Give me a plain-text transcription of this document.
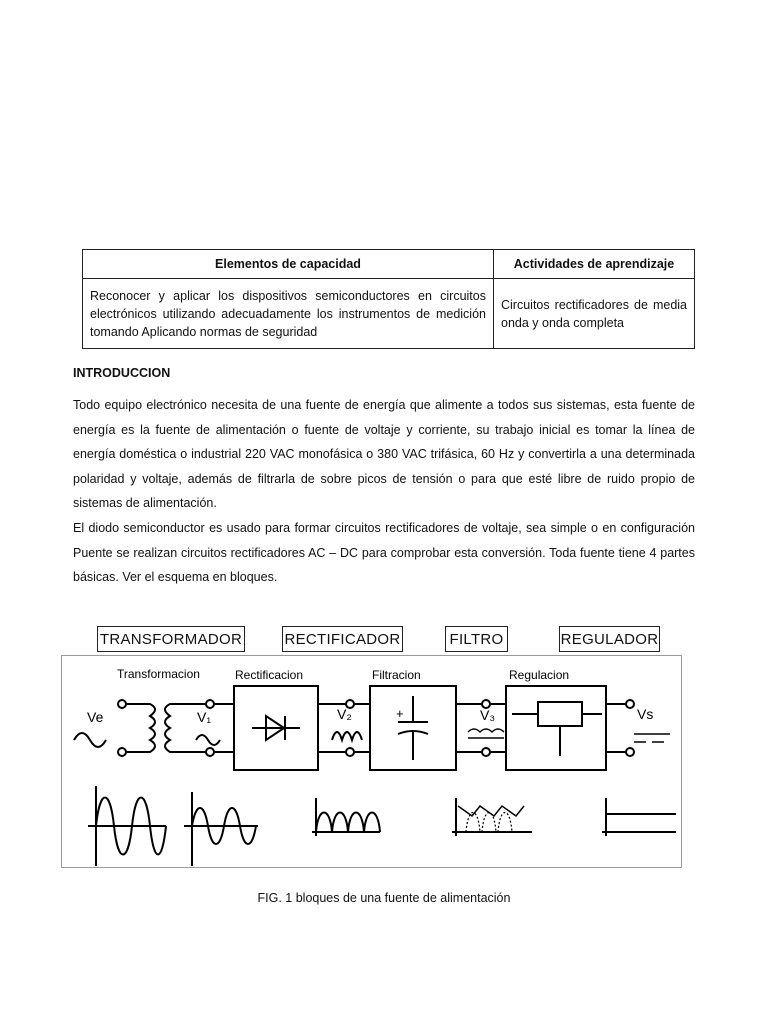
Elementos de capacidad	Actividades de aprendizaje
Reconocer y aplicar los dispositivos semiconductores en circuitos electrónicos utilizando adecuadamente los instrumentos de medición tomando Aplicando normas de seguridad	Circuitos rectificadores de media onda y onda completa
INTRODUCCION

Todo equipo electrónico necesita de una fuente de energía que alimente a todos sus sistemas, esta fuente de energía es la fuente de alimentación o fuente de voltaje y corriente, su trabajo inicial es tomar la línea de energía doméstica o industrial 220 VAC monofásica o 380 VAC trifásica, 60 Hz y convertirla a una determinada polaridad y voltaje, además de filtrarla de sobre picos de tensión o para que esté libre de ruido propio de sistemas de alimentación.

El diodo semiconductor es usado para formar circuitos rectificadores de voltaje, sea simple o en configuración Puente se realizan circuitos rectificadores AC – DC para comprobar esta conversión. Toda fuente tiene 4 partes básicas. Ver el esquema en bloques.

TRANSFORMADOR	RECTIFICADOR	FILTRO	REGULADOR
Transformacion	Rectificacion	Filtracion	Regulacion
Ve	V₁	V₂	+	V₃	Vs
FIG. 1 bloques de una fuente de alimentación
